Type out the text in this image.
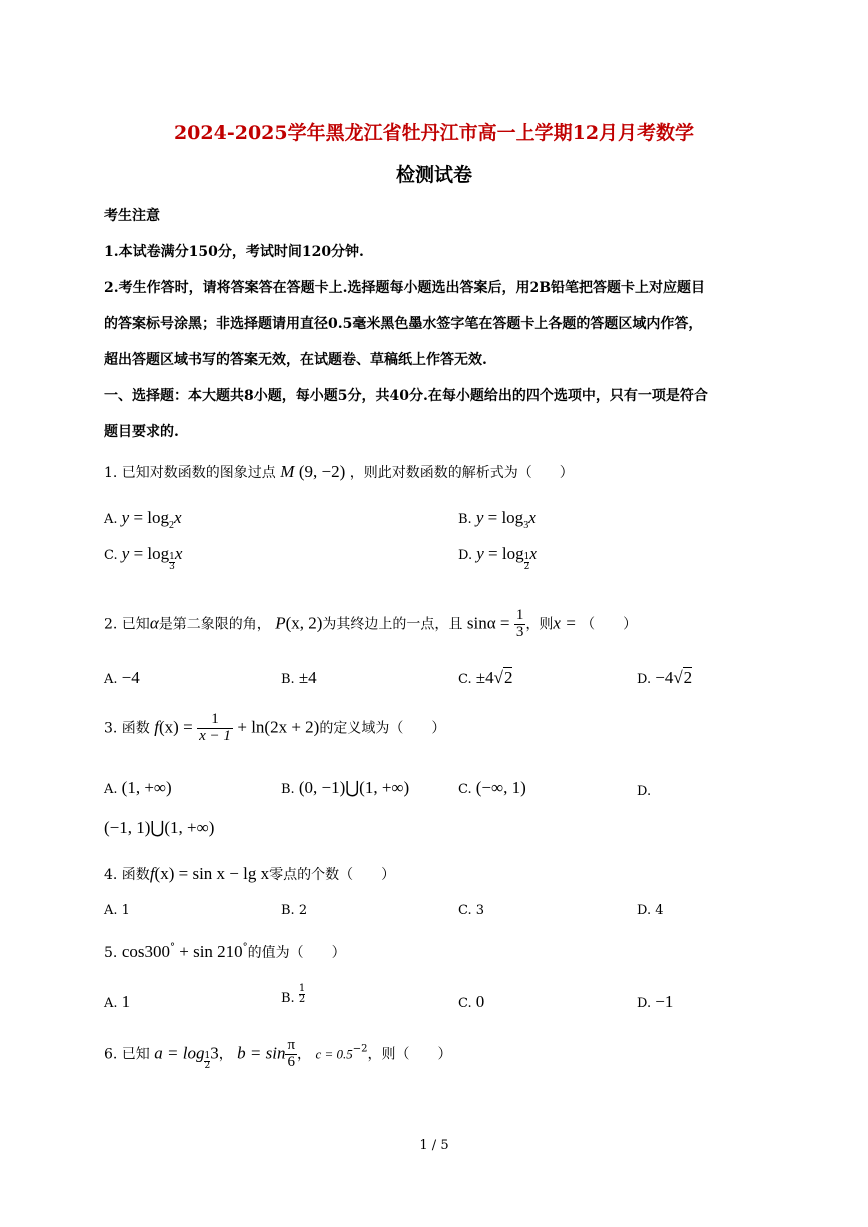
2024-2025学年黑龙江省牡丹江市高一上学期12月月考数学
检测试卷
考生注意
1.本试卷满分150分，考试时间120分钟.
2.考生作答时，请将答案答在答题卡上.选择题每小题选出答案后，用2B铅笔把答题卡上对应题目
的答案标号涂黑；非选择题请用直径0.5毫米黑色墨水签字笔在答题卡上各题的答题区域内作答，
超出答题区域书写的答案无效，在试题卷、草稿纸上作答无效.
一、选择题：本大题共8小题，每小题5分，共40分.在每小题给出的四个选项中，只有一项是符合
题目要求的.
1. 已知对数函数的图象过点 M (9, −2) ，则此对数函数的解析式为（　　）
A. $y = \log_2x$	B. $y = \log_3x$
C. $y = \log \frac{1}{3}$ x	D. $y = \log \frac{1}{2}$ x
2. 已知α是第二象限的角， P(x, 2)为其终边上的一点，且 $\sin\alpha = \frac{1}{3}$ ，则x = （　　）
A. −4	B. ±4	C. ±4√2	D. −4√2
3. 函数 $f(x) = \frac{1}{x - 1} + \ln(2x + 2)$的定义域为（　　）
A. (1, +∞)	B. (0, −1)⋃(1, +∞)	C. (−∞, 1)	D.
(−1, 1)⋃(1, +∞)
4. 函数f(x) = sin x − lg x零点的个数（　　）
A. 1	B. 2	C. 3	D. 4
5. cos300° + sin 210°的值为（　　）
A. 1	B. $\frac{1}{2}$	C. 0	D. −1
6. 已知 $a = \log \frac{1}{2} 3$， $b = \sin \frac{\pi}{6}$ ， $c = 0.5^{-2}$，则（　　）
1 / 5
